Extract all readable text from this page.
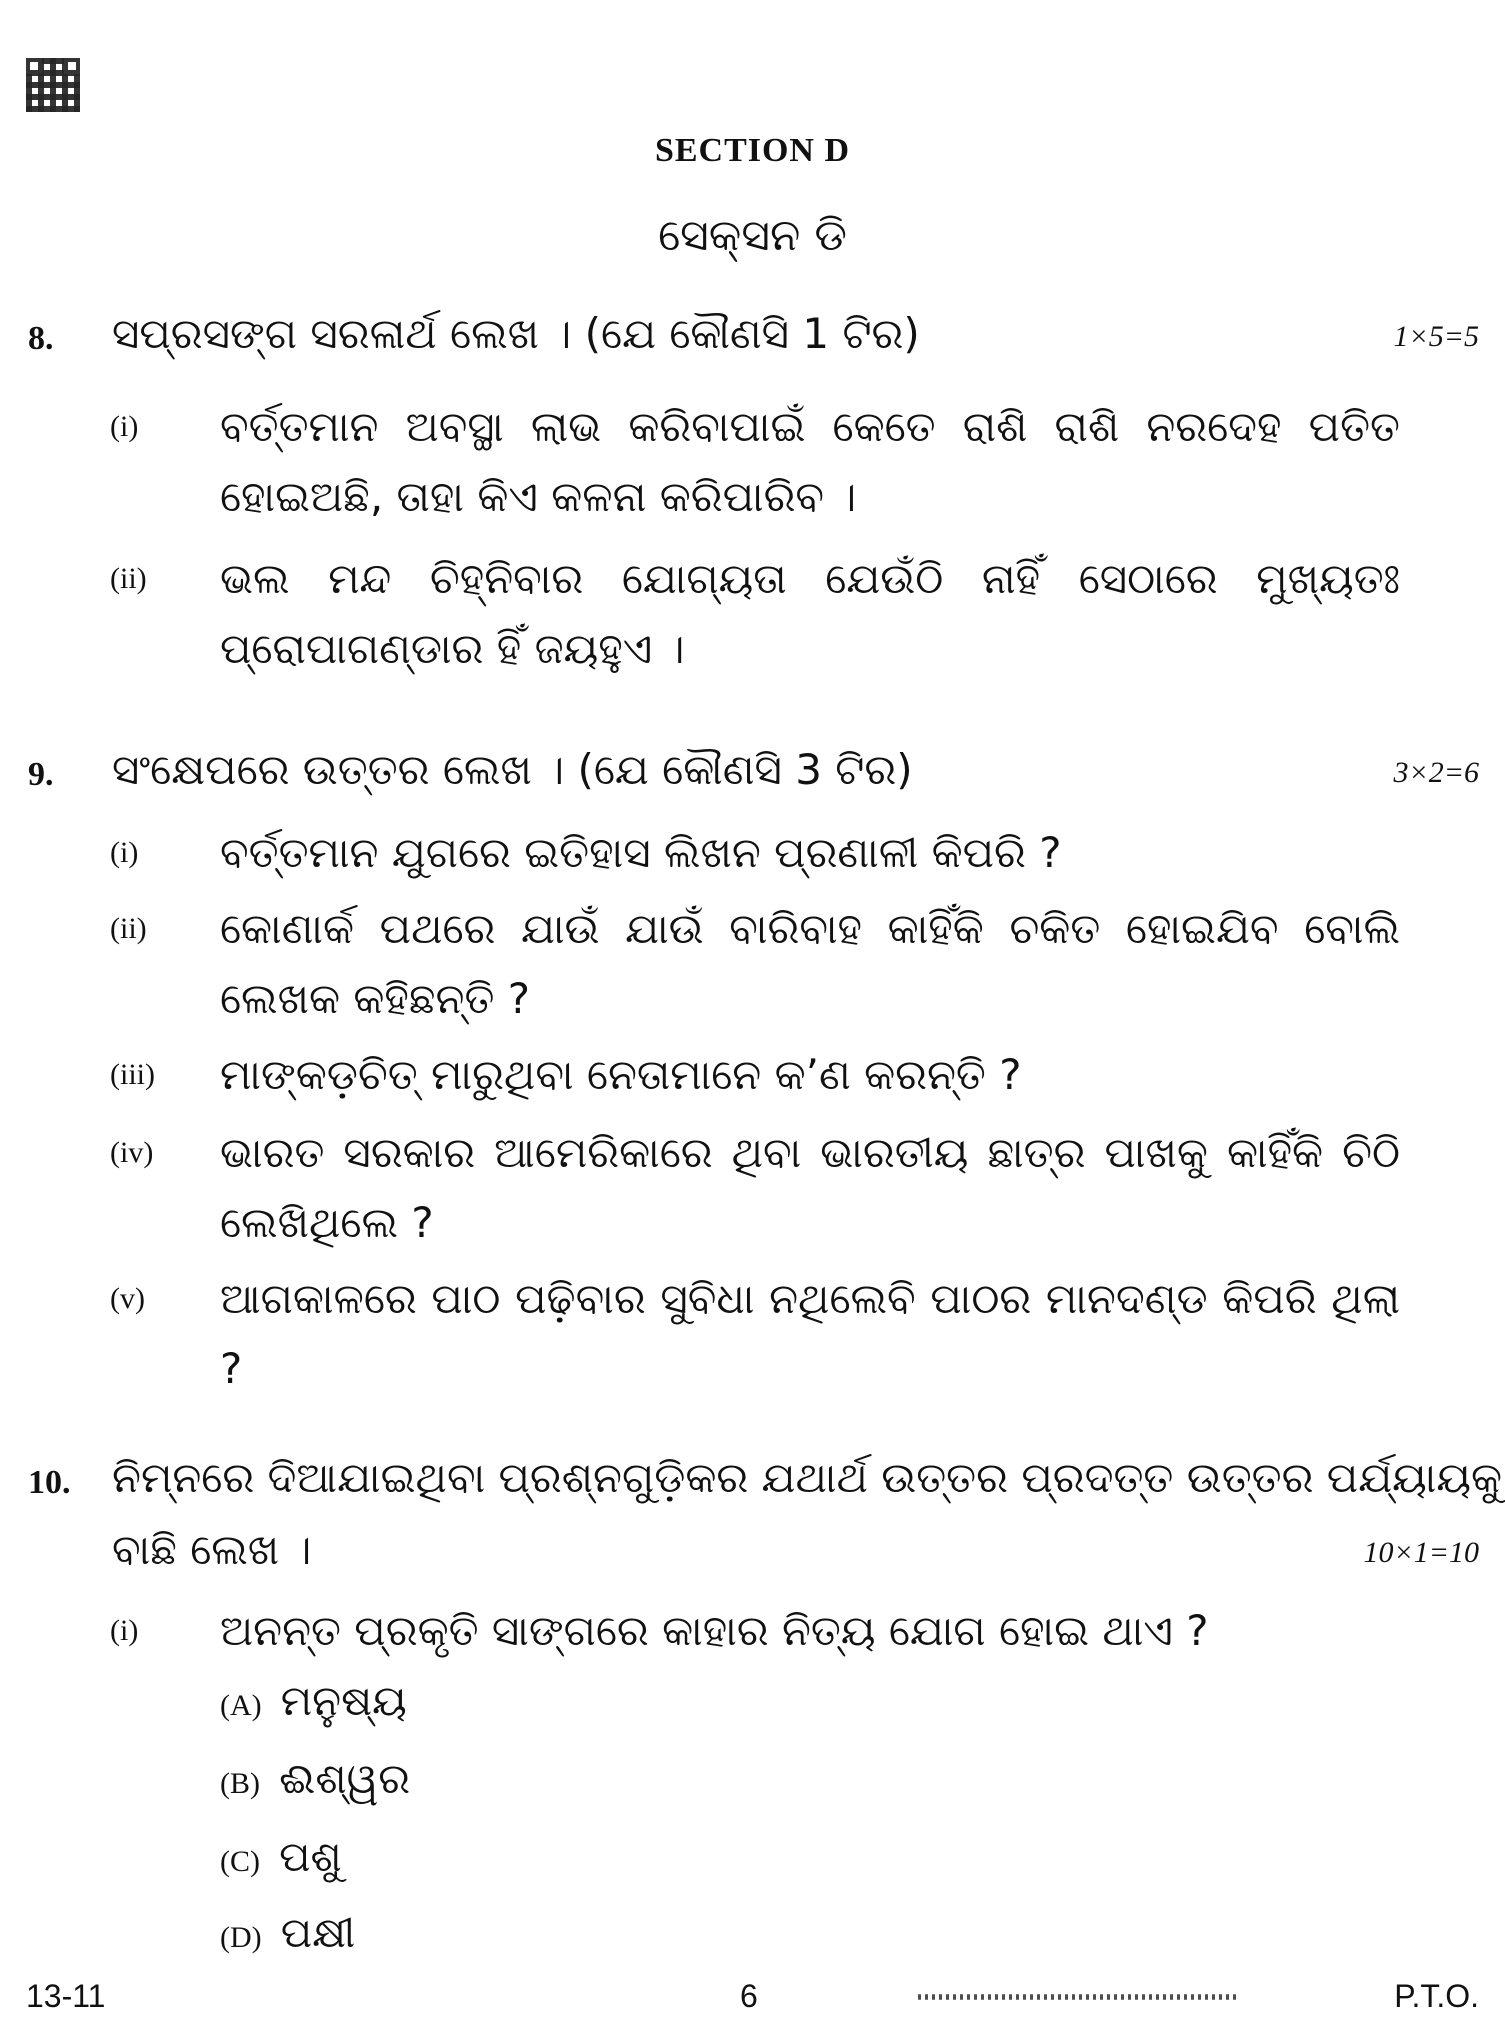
SECTION D
ସେକ୍ସନ ଡି
8. ସପ୍ରସଙ୍ଗ ସରଳାର୍ଥ ଲେଖ । (ଯେ କୌଣସି 1 ଟିର)	1×5=5
(i) ବର୍ତ୍ତମାନ ଅବସ୍ଥା ଲାଭ କରିବାପାଇଁ କେତେ ରାଶି ରାଶି ନରଦେହ ପତିତ ହୋଇଅଛି, ତାହା କିଏ କଳନା କରିପାରିବ ।
(ii) ଭଲ ମନ୍ଦ ଚିହ୍ନିବାର ଯୋଗ୍ୟତା ଯେଉଁଠି ନାହିଁ ସେଠାରେ ମୁଖ୍ୟତଃ ପ୍ରୋପାଗଣ୍ଡାର ହିଁ ଜୟହୁଏ ।
9. ସଂକ୍ଷେପରେ ଉତ୍ତର ଲେଖ । (ଯେ କୌଣସି 3 ଟିର)	3×2=6
(i) ବର୍ତ୍ତମାନ ଯୁଗରେ ଇତିହାସ ଲିଖନ ପ୍ରଣାଳୀ କିପରି ?
(ii) କୋଣାର୍କ ପଥରେ ଯାଉଁ ଯାଉଁ ବାରିବାହ କାହିଁକି ଚକିତ ହୋଇଯିବ ବୋଲି ଲେଖକ କହିଛନ୍ତି ?
(iii) ମାଙ୍କଡ଼ଚିତ୍ ମାରୁଥିବା ନେତାମାନେ କ’ଣ କରନ୍ତି ?
(iv) ଭାରତ ସରକାର ଆମେରିକାରେ ଥିବା ଭାରତୀୟ ଛାତ୍ର ପାଖକୁ କାହିଁକି ଚିଠି ଲେଖିଥିଲେ ?
(v) ଆଗକାଳରେ ପାଠ ପଢ଼ିବାର ସୁବିଧା ନଥିଲେବି ପାଠର ମାନଦଣ୍ଡ କିପରି ଥିଲା ?
10. ନିମ୍ନରେ ଦିଆଯାଇଥିବା ପ୍ରଶ୍ନଗୁଡ଼ିକର ଯଥାର୍ଥ ଉତ୍ତର ପ୍ରଦତ୍ତ ଉତ୍ତର ପର୍ଯ୍ୟାୟକୁ
ବାଛି ଲେଖ ।	10×1=10
(i) ଅନନ୍ତ ପ୍ରକୃତି ସାଙ୍ଗରେ କାହାର ନିତ୍ୟ ଯୋଗ ହୋଇ ଥାଏ ?
(A) ମନୁଷ୍ୟ
(B) ଈଶ୍ୱର
(C) ପଶୁ
(D) ପକ୍ଷୀ
13-11	6	P.T.O.
